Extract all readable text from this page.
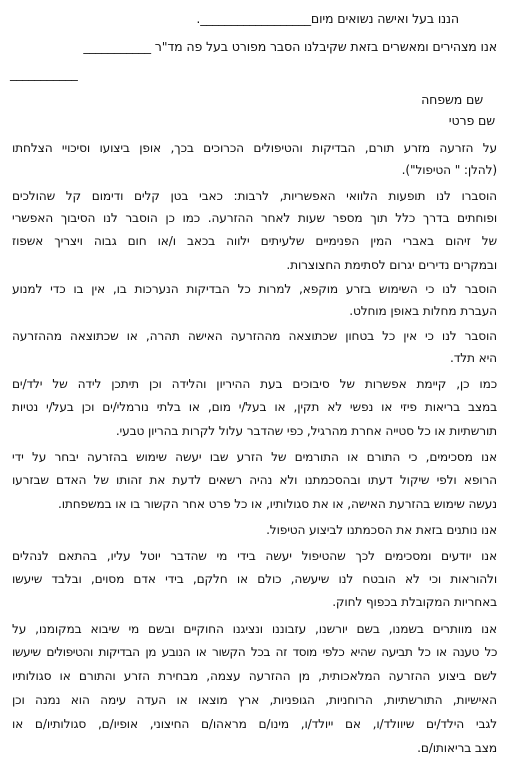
הננו בעל ואישה נשואים מיום__________________.
אנו מצהירים ומאשרים בזאת שקיבלנו הסבר מפורט בעל פה מד"ר ___________
___________
שם משפחה
שם פרטי
על הזרעה מזרע תורם, הבדיקות והטיפולים הכרוכים בכך, אופן ביצועו וסיכויי הצלחתו
(להלן: " הטיפול").
הוסברו לנו תופעות הלוואי האפשריות, לרבות: כאבי בטן קלים ודימום קל שהולכים
ופוחתים בדרך כלל תוך מספר שעות לאחר ההזרעה. כמו כן הוסבר לנו הסיבוך האפשרי
של זיהום באברי המין הפנימיים שלעיתים ילווה בכאב ו/או חום גבוה ויצריך אשפוז
ובמקרים נדירים יגרום לסתימת החצוצרות.
הוסבר לנו כי השימוש בזרע מוקפא, למרות כל הבדיקות הנערכות בו, אין בו כדי למנוע
העברת מחלות באופן מוחלט.
הוסבר לנו כי אין כל בטחון שכתוצאה מההזרעה האישה תהרה, או שכתוצאה מההזרעה
היא תלד.
כמו כן, קיימת אפשרות של סיבוכים בעת ההיריון והלידה וכן תיתכן לידה של ילד/ים
במצב בריאות פיזי או נפשי לא תקין, או בעל/י מום, או בלתי נורמלי/ים וכן בעל/י נטיות
תורשתיות או כל סטייה אחרת מהרגיל, כפי שהדבר עלול לקרות בהריון טבעי.
אנו מסכימים, כי התורם או התורמים של הזרע שבו יעשה שימוש בהזרעה יבחר על ידי
הרופא ולפי שיקול דעתו ובהסכמתנו ולא נהיה רשאים לדעת את זהותו של האדם שבזרעו
נעשה שימוש בהזרעת האישה, או את סגולותיו, או כל פרט אחר הקשור בו או במשפחתו.
אנו נותנים בזאת את הסכמתנו לביצוע הטיפול.
אנו יודעים ומסכימים לכך שהטיפול יעשה בידי מי שהדבר יוטל עליו, בהתאם לנהלים
ולהוראות וכי לא הובטח לנו שיעשה, כולם או חלקם, בידי אדם מסוים, ובלבד שיעשו
באחריות המקובלת בכפוף לחוק.
אנו מוותרים בשמנו, בשם יורשנו, עזבוננו ונציגנו החוקיים ובשם מי שיבוא במקומנו, על
כל טענה או כל תביעה שהיא כלפי מוסד זה בכל הקשור או הנובע מן הבדיקות והטיפולים שיעשו
לשם ביצוע ההזרעה המלאכותית, מן ההזרעה עצמה, מבחירת הזרע והתורם או סגולותיו
האישיות, התורשתיות, הרוחניות, הגופניות, ארץ מוצאו או העדה עימה הוא נמנה וכן
לגבי הילד/ים שיוולד/ו, אם ייולד/ו, מינו/ם מראהו/ם החיצוני, אופיו/ם, סגולותיו/ם או
מצב בריאותו/ם.
